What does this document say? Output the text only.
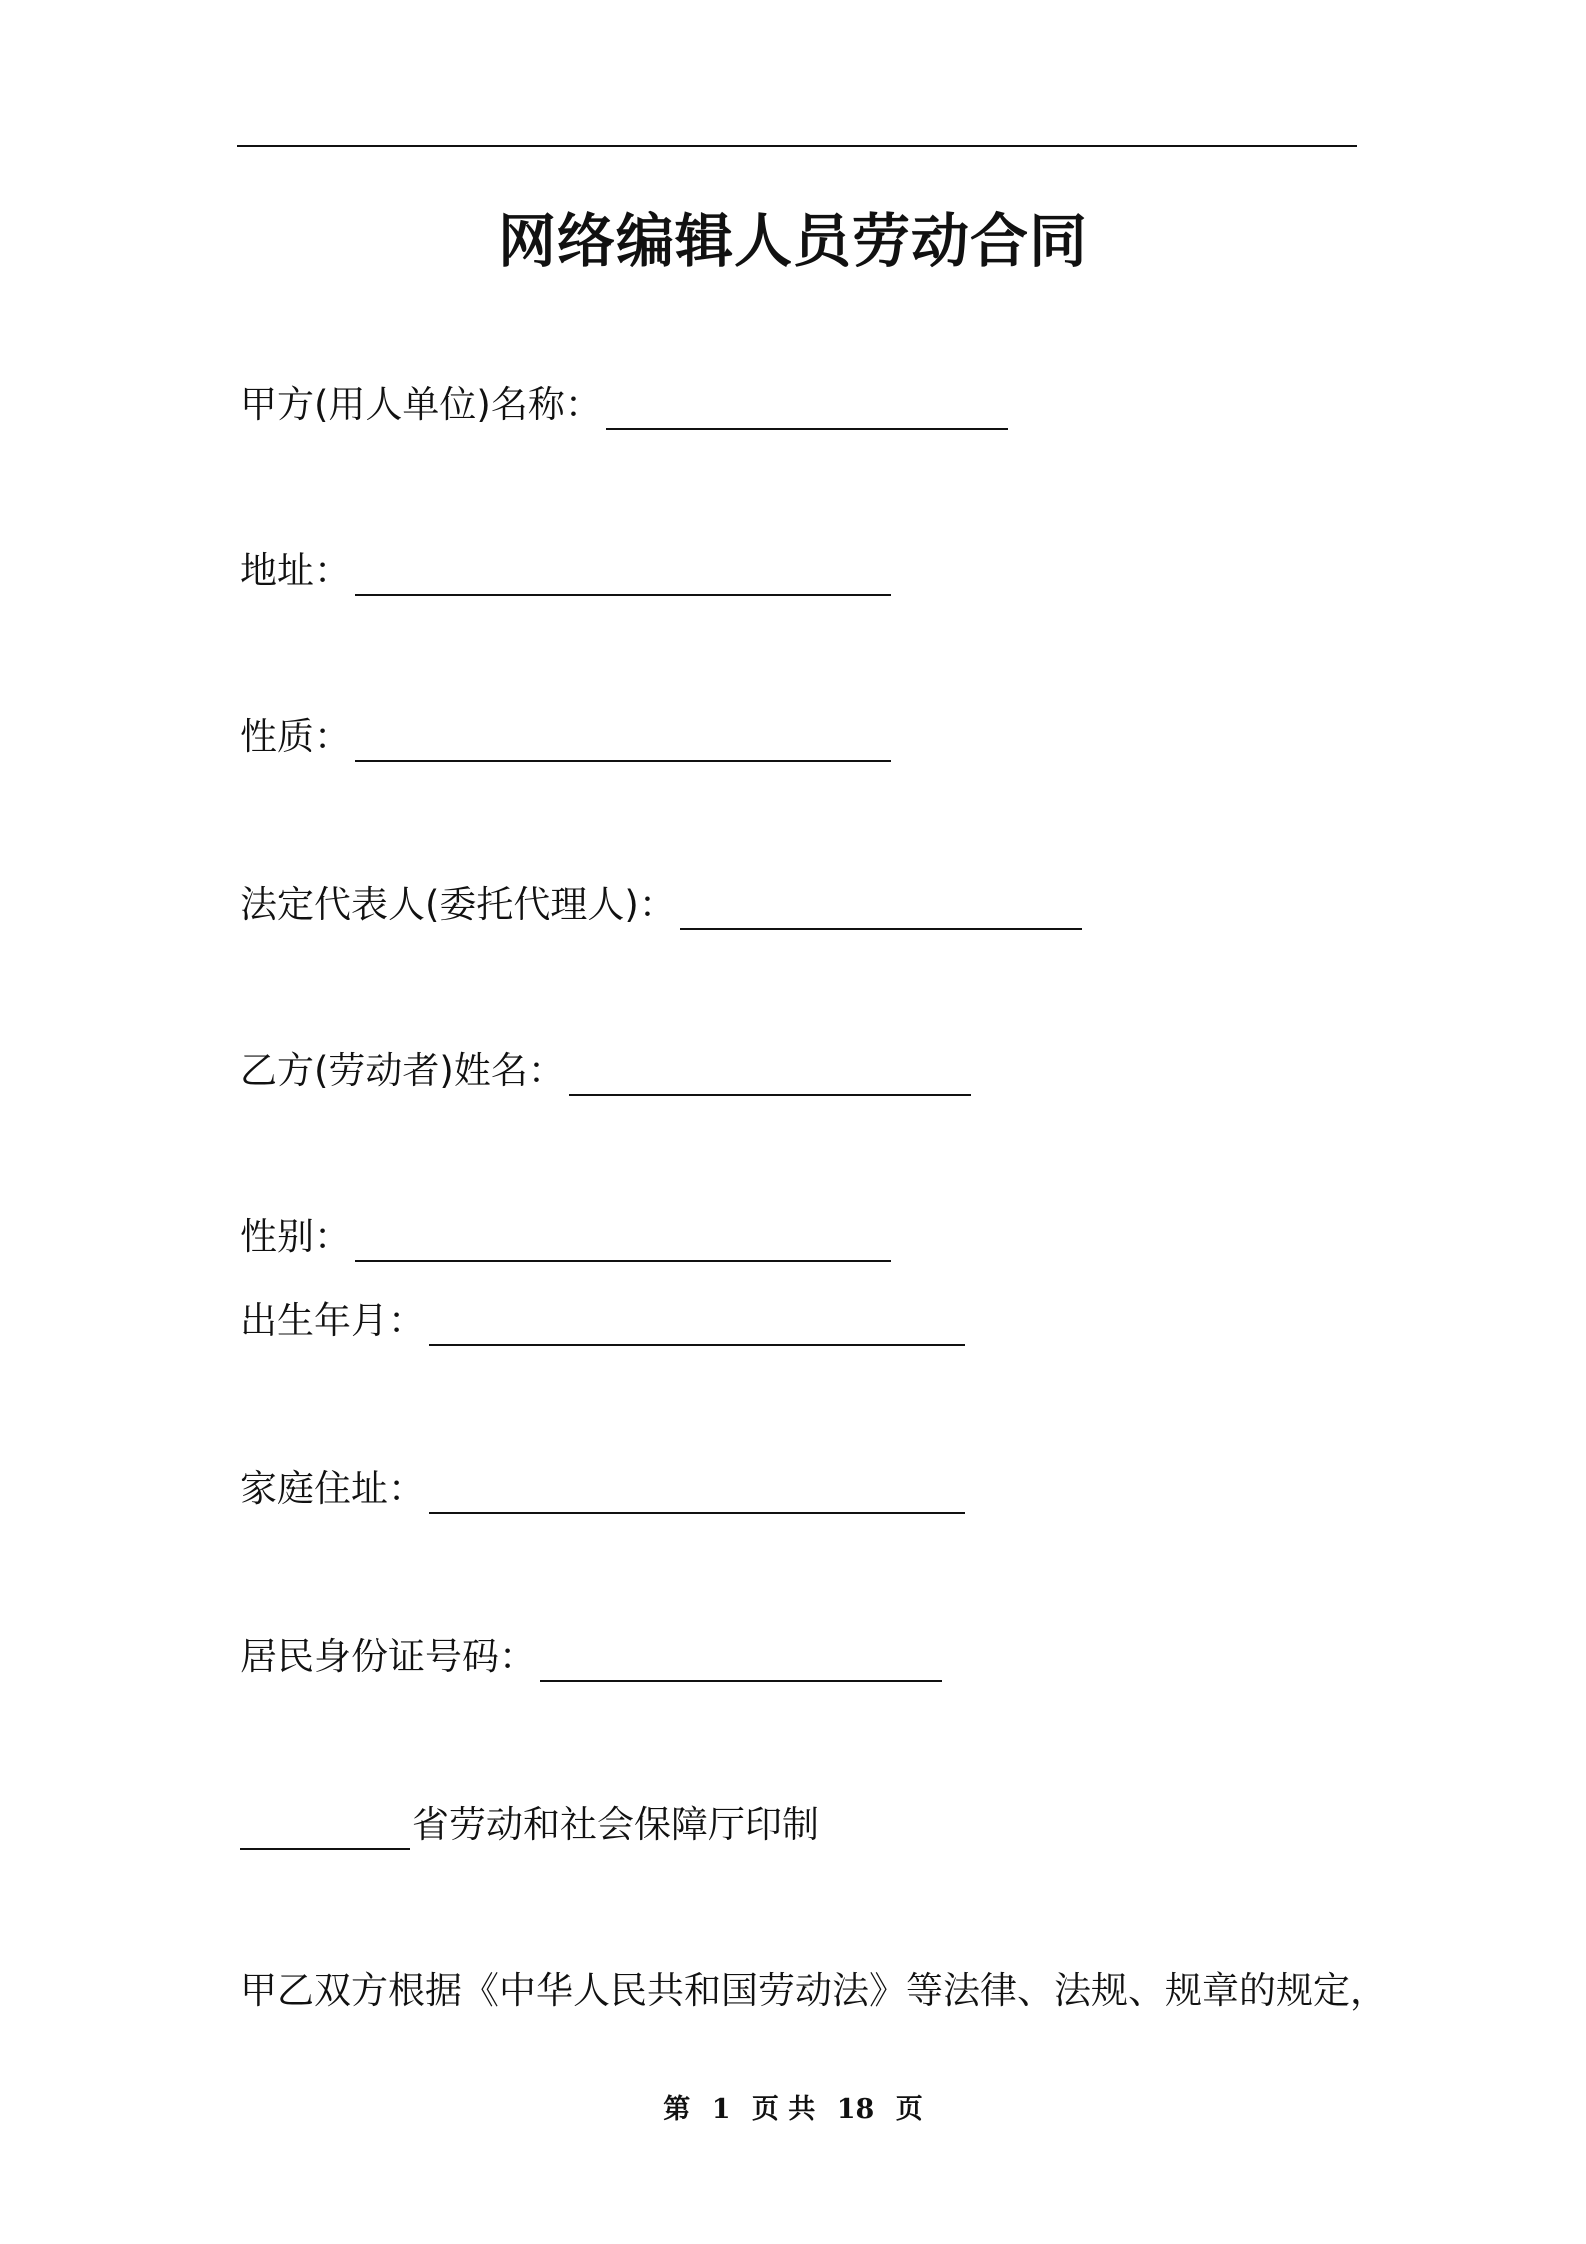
网络编辑人员劳动合同
甲方(用人单位)名称：
地址：
性质：
法定代表人(委托代理人)：
乙方(劳动者)姓名：
性别：
出生年月：
家庭住址：
居民身份证号码：
省劳动和社会保障厅印制
甲乙双方根据《中华人民共和国劳动法》等法律、法规、规章的规定，
第 1 页 共 18 页
